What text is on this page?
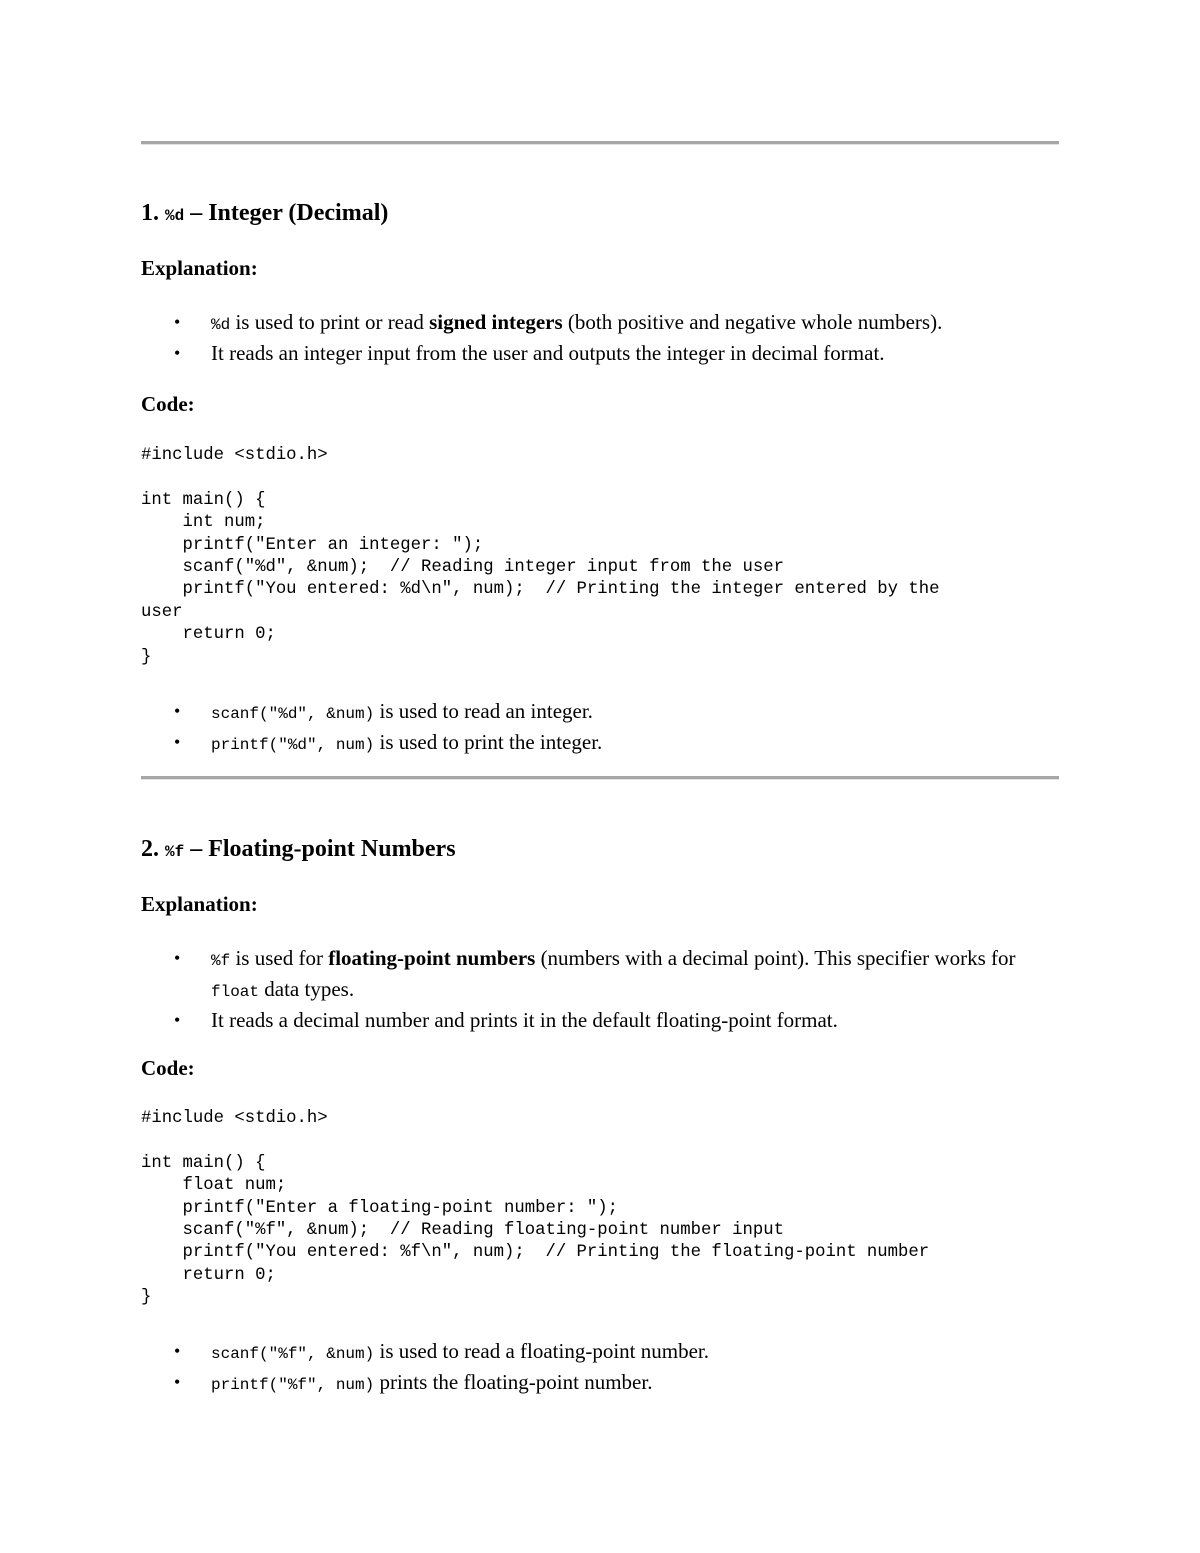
1. %d – Integer (Decimal)
Explanation:
• %d is used to print or read signed integers (both positive and negative whole numbers).
• It reads an integer input from the user and outputs the integer in decimal format.
Code:
#include <stdio.h>

int main() {
int num;
printf("Enter an integer: ");
scanf("%d", &num);  // Reading integer input from the user
printf("You entered: %d\n", num);  // Printing the integer entered by the
user
return 0;
}
• scanf("%d", &num) is used to read an integer.
• printf("%d", num) is used to print the integer.
2. %f – Floating-point Numbers
Explanation:
• %f is used for floating-point numbers (numbers with a decimal point). This specifier works for float data types.
• It reads a decimal number and prints it in the default floating-point format.
Code:
#include <stdio.h>

int main() {
float num;
printf("Enter a floating-point number: ");
scanf("%f", &num);  // Reading floating-point number input
printf("You entered: %f\n", num);  // Printing the floating-point number
return 0;
}
• scanf("%f", &num) is used to read a floating-point number.
• printf("%f", num) prints the floating-point number.
